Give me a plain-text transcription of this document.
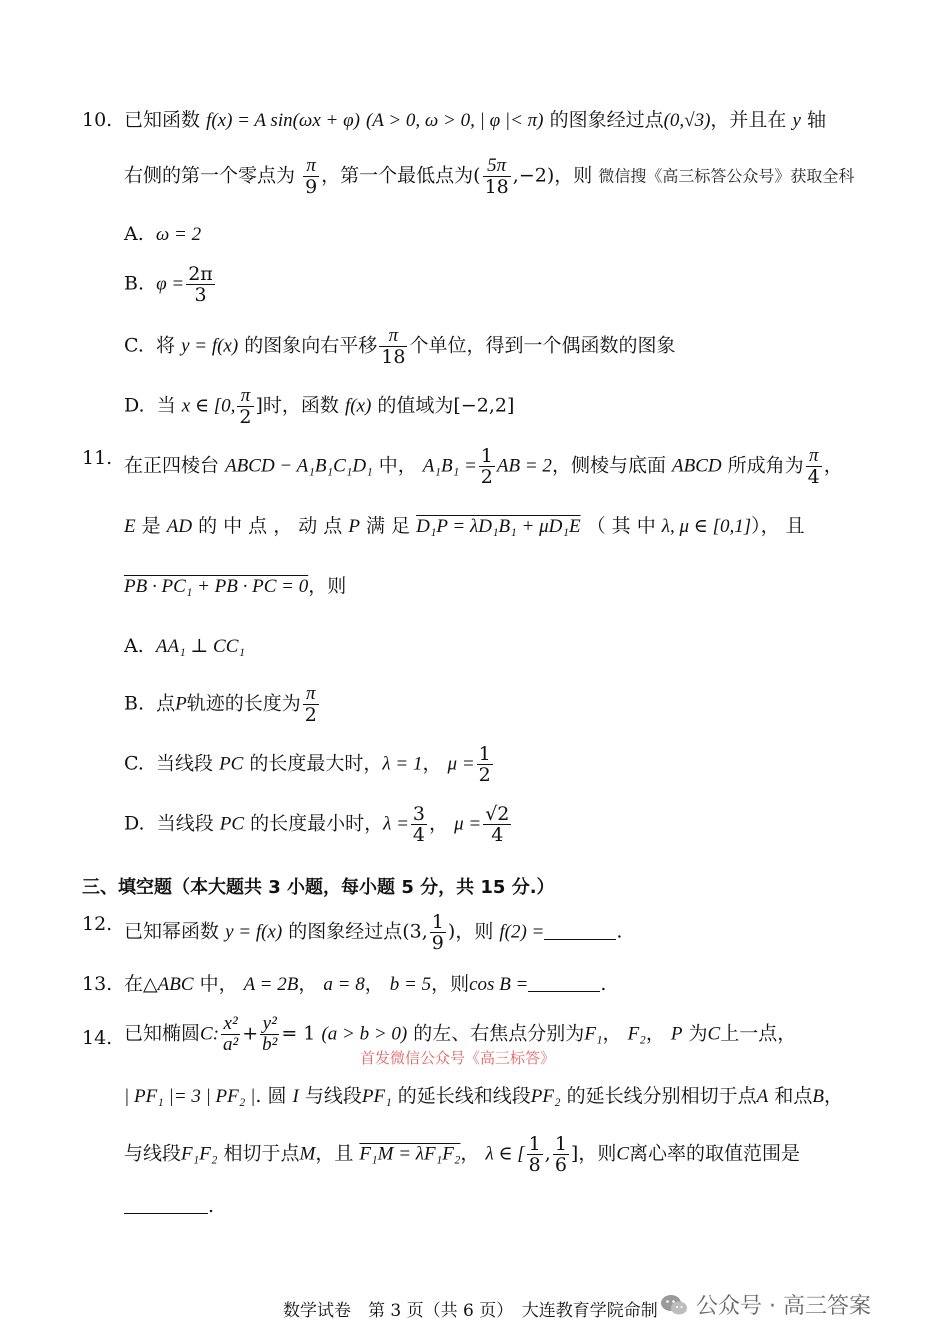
10. 已知函数 f(x) = A sin(ωx + φ) (A > 0, ω > 0, | φ |< π) 的图象经过点(0,√3)，并且在 y 轴
右侧的第一个零点为 $\frac{\pi}{9}$ ，第一个最低点为( $\frac{5\pi}{18} ,-2$)，则 微信搜《高三标答公众号》获取全科
A. ω = 2
B. $\varphi = \frac{2\pi}{3}$
C. 将 y = f(x) 的图象向右平移 $\frac{\pi}{18}$ 个单位，得到一个偶函数的图象
D. 当 x ∈ [0, $\frac{\pi}{2}$ ]时，函数 f(x) 的值域为[−2,2]
11. 在正四棱台 ABCD − A₁B₁C₁D₁ 中， $A_1B_1 = \frac{1}{2}$ AB = 2，侧棱与底面 ABCD 所成角为 $\frac{\pi}{4}$ ，
E 是 AD 的 中 点 ， 动 点 P 满 足 D₁P = λD₁B₁ + μD₁E （ 其 中 λ, μ ∈ [0,1]）， 且
PB · PC₁ + PB · PC = 0，则
A. AA₁ ⊥ CC₁
B. 点P轨迹的长度为 $\frac{\pi}{2}$
C. 当线段 PC 的长度最大时，λ = 1， $\mu = \frac{1}{2}$
D. 当线段 PC 的长度最小时，$\lambda = \frac{3}{4}$ ， $\mu = \frac{√2}{4}$
三、填空题（本大题共 3 小题，每小题 5 分，共 15 分.）
12. 已知幂函数 y = f(x) 的图象经过点(3, $\frac{1}{9}$ )，则 f(2) =	.
13. 在△ABC 中， A = 2B， a = 8， b = 5，则cos B =	.
14. 已知椭圆C: $\frac{\text{x²}}{\text{a²}} + \frac{\text{y²}}{\text{b²}} = 1$ (a > b > 0) 的左、右焦点分别为F₁， F₂， P 为C上一点，
首发微信公众号《高三标答》
| PF₁ |= 3 | PF₂ |. 圆 I 与线段PF₁ 的延长线和线段PF₂ 的延长线分别相切于点A 和点B，
与线段F₁F₂ 相切于点M，且 F₁M = λF₁F₂， λ ∈ [ $\frac{1}{8}$ , $\frac{1}{6}$ ]，则C离心率的取值范围是
.
数学试卷　第 3 页（共 6 页）　大连教育学院命制 公众号 · 高三答案
